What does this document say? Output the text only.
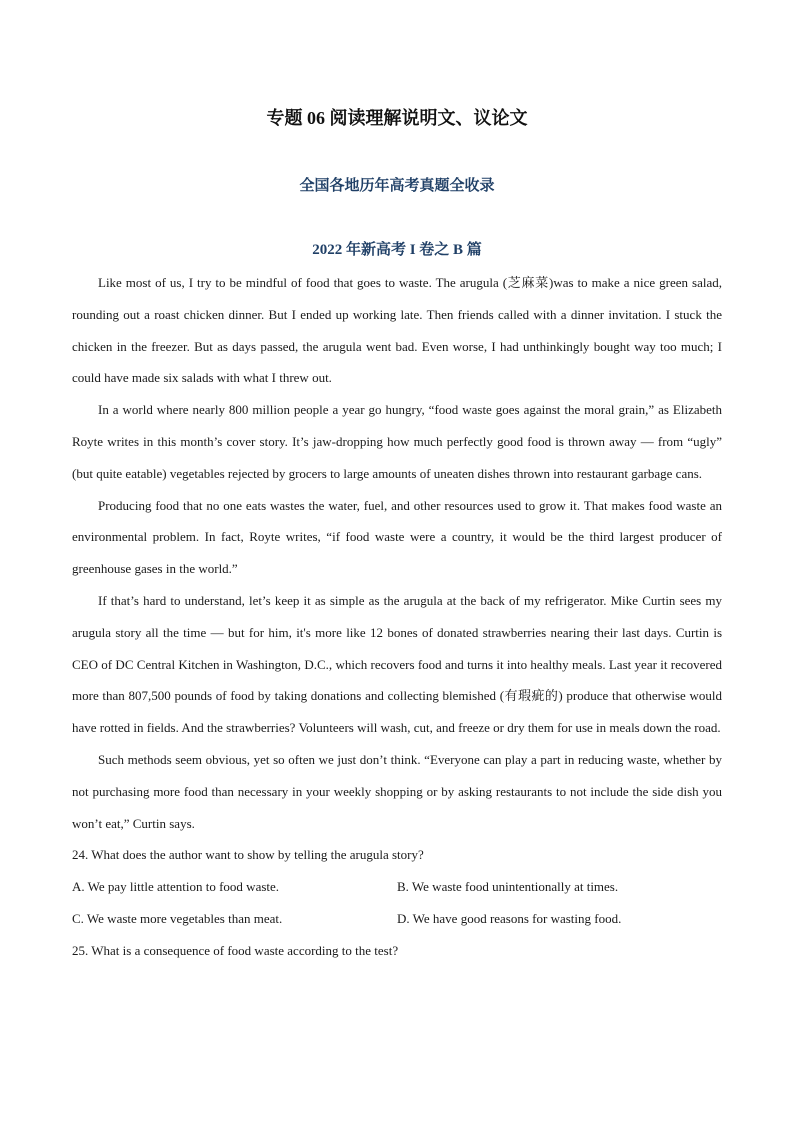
专题 06 阅读理解说明文、议论文
全国各地历年高考真题全收录
2022 年新高考 I 卷之 B 篇

Like most of us, I try to be mindful of food that goes to waste. The arugula (芝麻菜)was to make a nice green salad, rounding out a roast chicken dinner. But I ended up working late. Then friends called with a dinner invitation. I stuck the chicken in the freezer. But as days passed, the arugula went bad. Even worse, I had unthinkingly bought way too much; I could have made six salads with what I threw out.

In a world where nearly 800 million people a year go hungry, “food waste goes against the moral grain,” as Elizabeth Royte writes in this month’s cover story. It’s jaw-dropping how much perfectly good food is thrown away — from “ugly” (but quite eatable) vegetables rejected by grocers to large amounts of uneaten dishes thrown into restaurant garbage cans.

Producing food that no one eats wastes the water, fuel, and other resources used to grow it. That makes food waste an environmental problem. In fact, Royte writes, “if food waste were a country, it would be the third largest producer of greenhouse gases in the world.”

If that’s hard to understand, let’s keep it as simple as the arugula at the back of my refrigerator. Mike Curtin sees my arugula story all the time — but for him, it's more like 12 bones of donated strawberries nearing their last days. Curtin is CEO of DC Central Kitchen in Washington, D.C., which recovers food and turns it into healthy meals. Last year it recovered more than 807,500 pounds of food by taking donations and collecting blemished (有瑕疵的) produce that otherwise would have rotted in fields. And the strawberries? Volunteers will wash, cut, and freeze or dry them for use in meals down the road.

Such methods seem obvious, yet so often we just don’t think. “Everyone can play a part in reducing waste, whether by not purchasing more food than necessary in your weekly shopping or by asking restaurants to not include the side dish you won’t eat,” Curtin says.

24. What does the author want to show by telling the arugula story?
A. We pay little attention to food waste.	B. We waste food unintentionally at times.
C. We waste more vegetables than meat.	D. We have good reasons for wasting food.
25. What is a consequence of food waste according to the test?
